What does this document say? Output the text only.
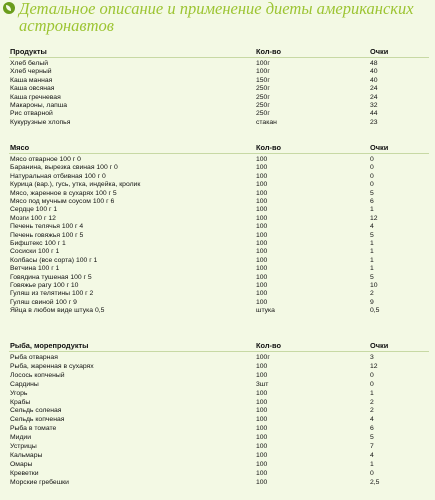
Детальное описание и применение диеты американских астронавтов
Продукты	Кол-во	Очки
Хлеб белый	100г	48
Хлеб черный	100г	40
Каша манная	150г	40
Каша овсяная	250г	24
Каша гречневая	250г	24
Макароны, лапша	250г	32
Рис отварной	250г	44
Кукурузные хлопья	стакан	23
Мясо	Кол-во	Очки
Мясо отварное 100 г 0	100	0
Баранина, вырезка свиная 100 г 0	100	0
Натуральная отбивная 100 г 0	100	0
Курица (вар.), гусь, утка, индейка, кролик	100	0
Мясо, жаренное в сухарях 100 г 5	100	5
Мясо под мучным соусом 100 г 6	100	6
Сердце 100 г 1	100	1
Мозги 100 г 12	100	12
Печень телячья 100 г 4	100	4
Печень говяжья 100 г 5	100	5
Бифштекс 100 г 1	100	1
Сосиски 100 г 1	100	1
Колбасы (все сорта) 100 г 1	100	1
Ветчина 100 г 1	100	1
Говядина тушеная 100 г 5	100	5
Говяжье рагу 100 г 10	100	10
Гуляш из телятины 100 г 2	100	2
Гуляш свиной 100 г 9	100	9
Яйца в любом виде штука 0,5	штука	0,5
Рыба, морепродукты	Кол-во	Очки
Рыба отварная	100г	3
Рыба, жаренная в сухарях	100	12
Лосось копченый	100	0
Сардины	3шт	0
Угорь	100	1
Крабы	100	2
Сельдь соленая	100	2
Сельдь копченая	100	4
Рыба в томате	100	6
Мидии	100	5
Устрицы	100	7
Кальмары	100	4
Омары	100	1
Креветки	100	0
Морские гребешки	100	2,5
